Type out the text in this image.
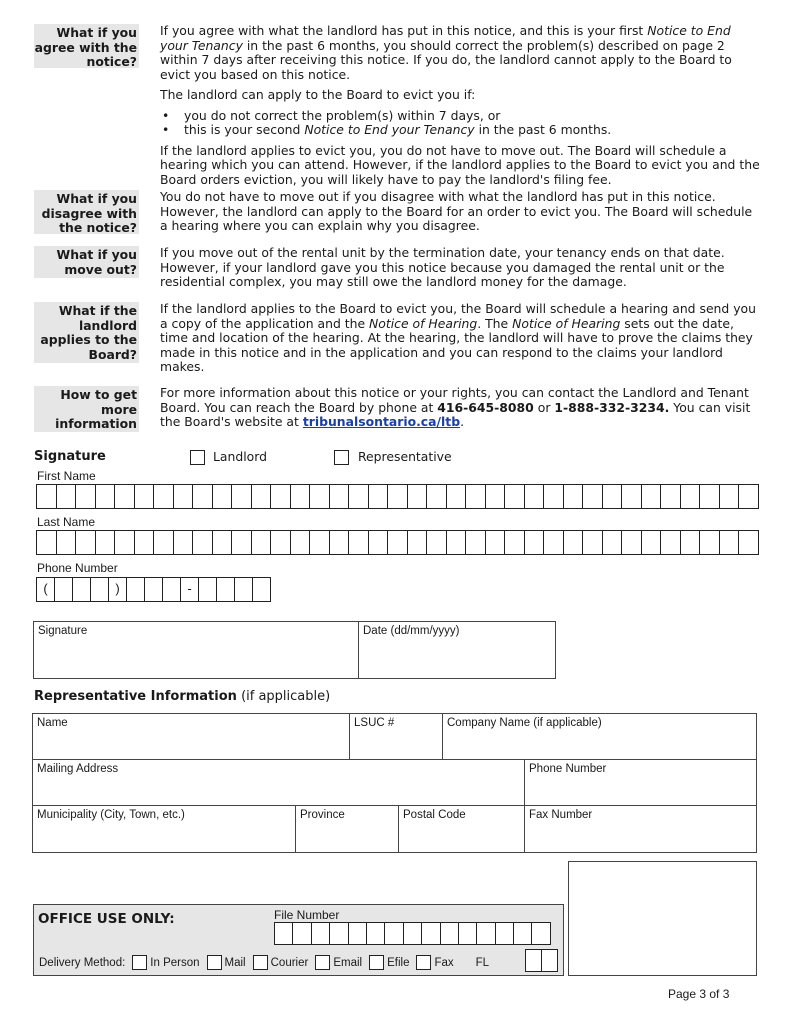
What if you agree with the notice?

If you agree with what the landlord has put in this notice, and this is your first Notice to End your Tenancy in the past 6 months, you should correct the problem(s) described on page 2 within 7 days after receiving this notice. If you do, the landlord cannot apply to the Board to evict you based on this notice.

The landlord can apply to the Board to evict you if:

• you do not correct the problem(s) within 7 days, or
• this is your second Notice to End your Tenancy in the past 6 months.

If the landlord applies to evict you, you do not have to move out. The Board will schedule a hearing which you can attend. However, if the landlord applies to the Board to evict you and the Board orders eviction, you will likely have to pay the landlord's filing fee.

What if you disagree with the notice?

You do not have to move out if you disagree with what the landlord has put in this notice. However, the landlord can apply to the Board for an order to evict you. The Board will schedule a hearing where you can explain why you disagree.

What if you move out?

If you move out of the rental unit by the termination date, your tenancy ends on that date. However, if your landlord gave you this notice because you damaged the rental unit or the residential complex, you may still owe the landlord money for the damage.

What if the landlord applies to the Board?

If the landlord applies to the Board to evict you, the Board will schedule a hearing and send you a copy of the application and the Notice of Hearing. The Notice of Hearing sets out the date, time and location of the hearing. At the hearing, the landlord will have to prove the claims they made in this notice and in the application and you can respond to the claims your landlord makes.

How to get more information

For more information about this notice or your rights, you can contact the Landlord and Tenant Board. You can reach the Board by phone at 416-645-8080 or 1-888-332-3234. You can visit the Board's website at tribunalsontario.ca/ltb.

Signature	Landlord	Representative
First Name
Last Name
Phone Number
(	)	-
Signature	Date (dd/mm/yyyy)
Representative Information (if applicable)
Name	LSUC #	Company Name (if applicable)
Mailing Address	Phone Number
Municipality (City, Town, etc.)	Province	Postal Code	Fax Number
OFFICE USE ONLY:	File Number
Delivery Method: In Person Mail Courier Email Efile Fax FL
Page 3 of 3
